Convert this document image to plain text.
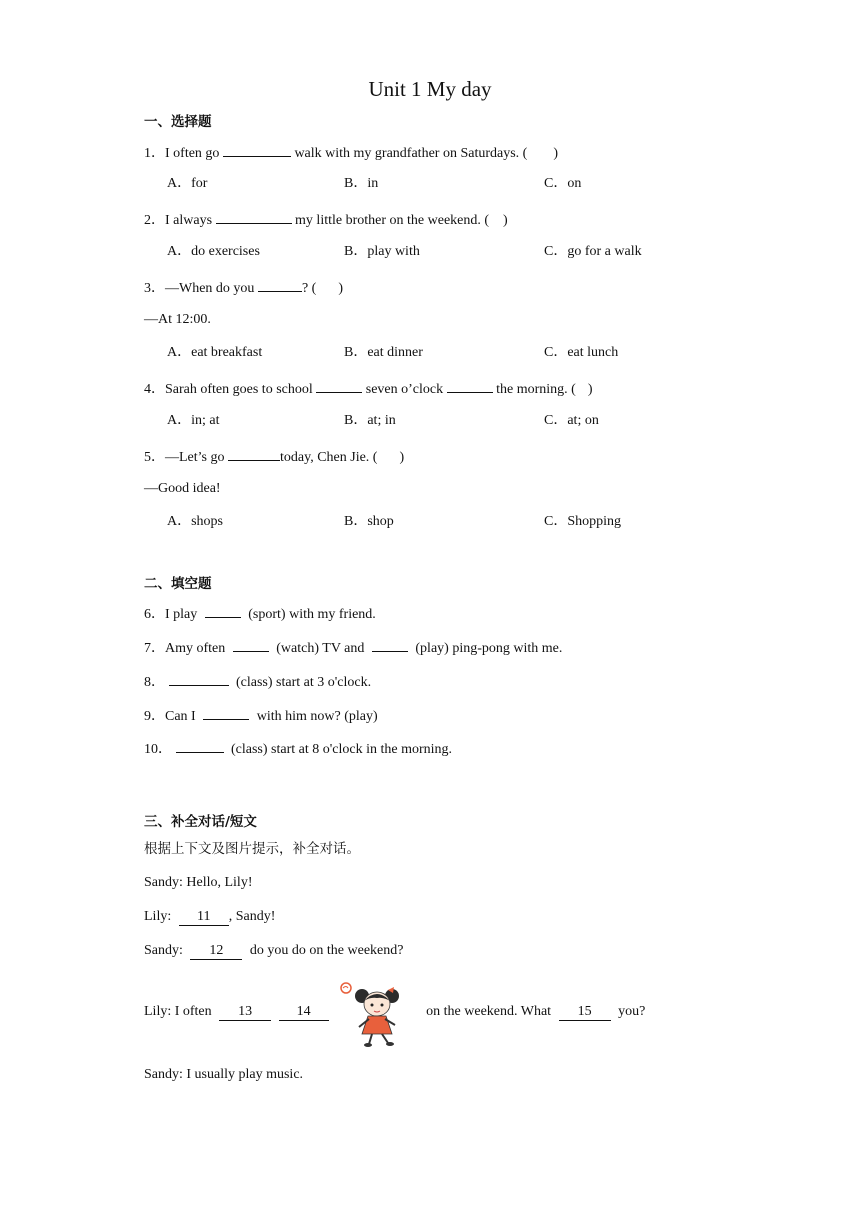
Unit 1 My day
一、选择题
1．I often go	walk with my grandfather on Saturdays. ( )
A．for	B．in	C．on
2．I always	my little brother on the weekend. ( )
A．do exercises	B．play with	C．go for a walk
3．—When do you	? ( )
—At 12:00.
A．eat breakfast	B．eat dinner	C．eat lunch
4．Sarah often goes to school	seven o’clock	the morning. ( )
A．in; at	B．at; in	C．at; on
5．—Let’s go	today, Chen Jie. ( )
—Good idea!
A．shops	B．shop	C．Shopping
二、填空题
6．I play	(sport) with my friend.
7．Amy often	(watch) TV and	(play) ping-pong with me.
8．	(class) start at 3 o'clock.
9．Can I	with him now? (play)
10．	(class) start at 8 o'clock in the morning.
三、补全对话/短文
根据上下文及图片提示，补全对话。
Sandy: Hello, Lily!
Lily: 11 , Sandy!
Sandy: 12 do you do on the weekend?
Lily: I often 13	14	on the weekend. What 15 you?
Sandy: I usually play music.
